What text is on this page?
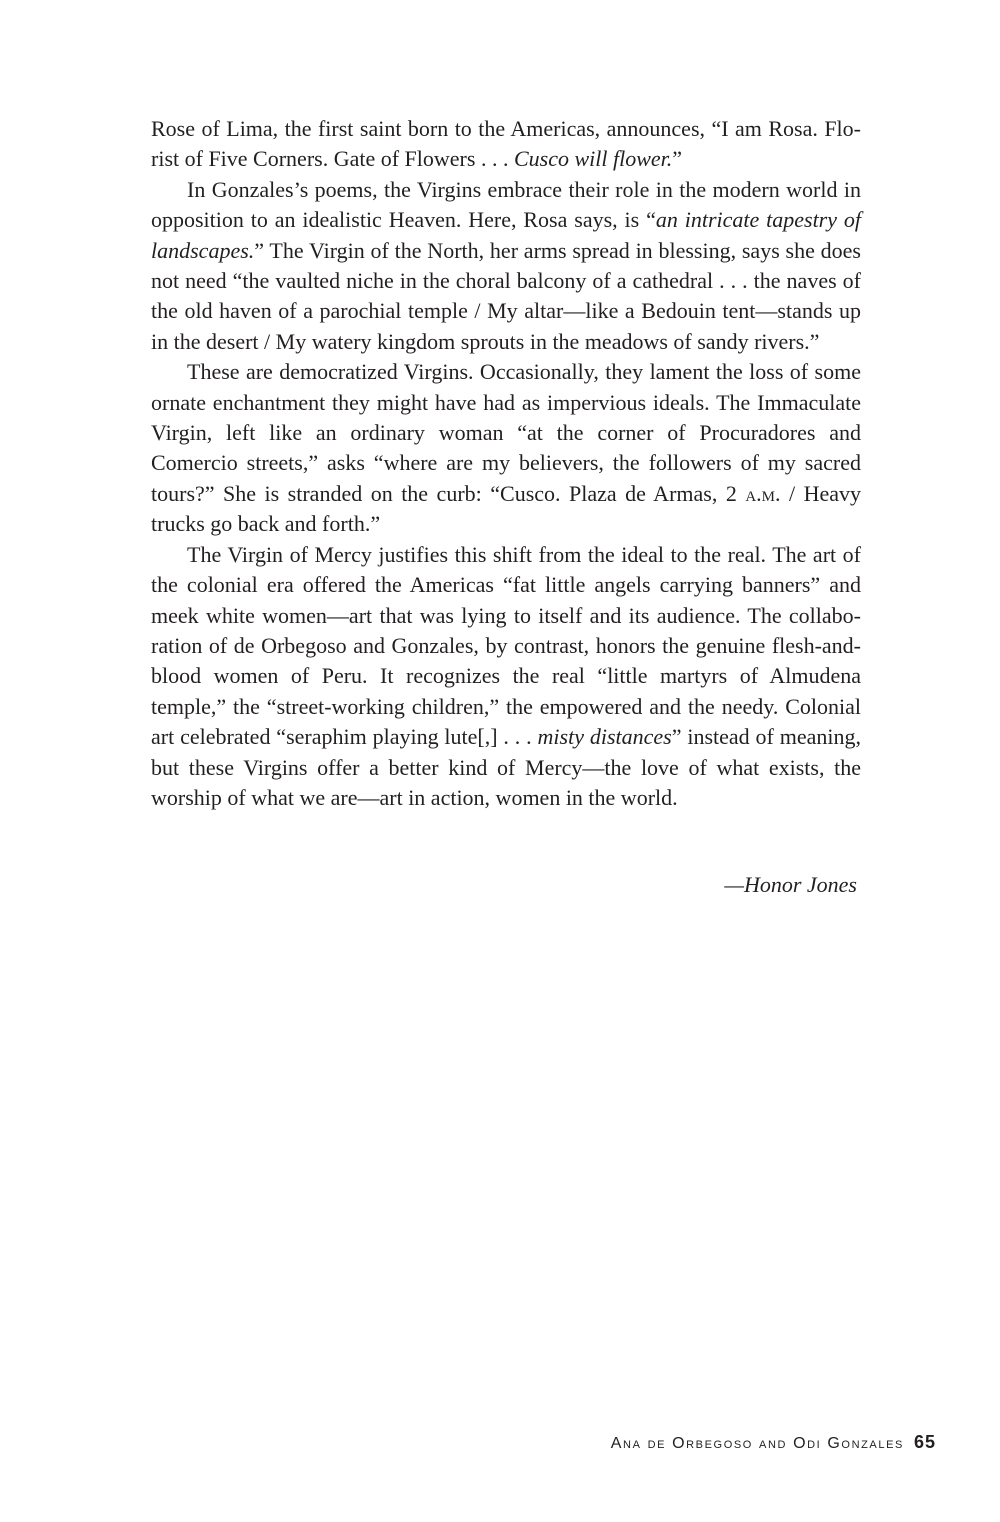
Rose of Lima, the first saint born to the Americas, announces, “I am Rosa. Florist of Five Corners. Gate of Flowers . . . Cusco will flower.”

In Gonzales’s poems, the Virgins embrace their role in the modern world in opposition to an idealistic Heaven. Here, Rosa says, is “an intricate tapestry of landscapes.” The Virgin of the North, her arms spread in blessing, says she does not need “the vaulted niche in the choral balcony of a cathedral . . . the naves of the old haven of a parochial temple / My altar—like a Bedouin tent—stands up in the desert / My watery kingdom sprouts in the meadows of sandy rivers.”

These are democratized Virgins. Occasionally, they lament the loss of some ornate enchantment they might have had as impervious ideals. The Immaculate Virgin, left like an ordinary woman “at the corner of Procuradores and Comercio streets,” asks “where are my believers, the followers of my sacred tours?” She is stranded on the curb: “Cusco. Plaza de Armas, 2 a.m. / Heavy trucks go back and forth.”

The Virgin of Mercy justifies this shift from the ideal to the real. The art of the colonial era offered the Americas “fat little angels carrying banners” and meek white women—art that was lying to itself and its audience. The collaboration of de Orbegoso and Gonzales, by contrast, honors the genuine flesh-and-blood women of Peru. It recognizes the real “little martyrs of Almudena temple,” the “street-working children,” the empowered and the needy. Colonial art celebrated “seraphim playing lute[,] . . . misty distances” instead of meaning, but these Virgins offer a better kind of Mercy—the love of what exists, the worship of what we are—art in action, women in the world.

—Honor Jones
Ana de Orbegoso and Odi Gonzales 65
